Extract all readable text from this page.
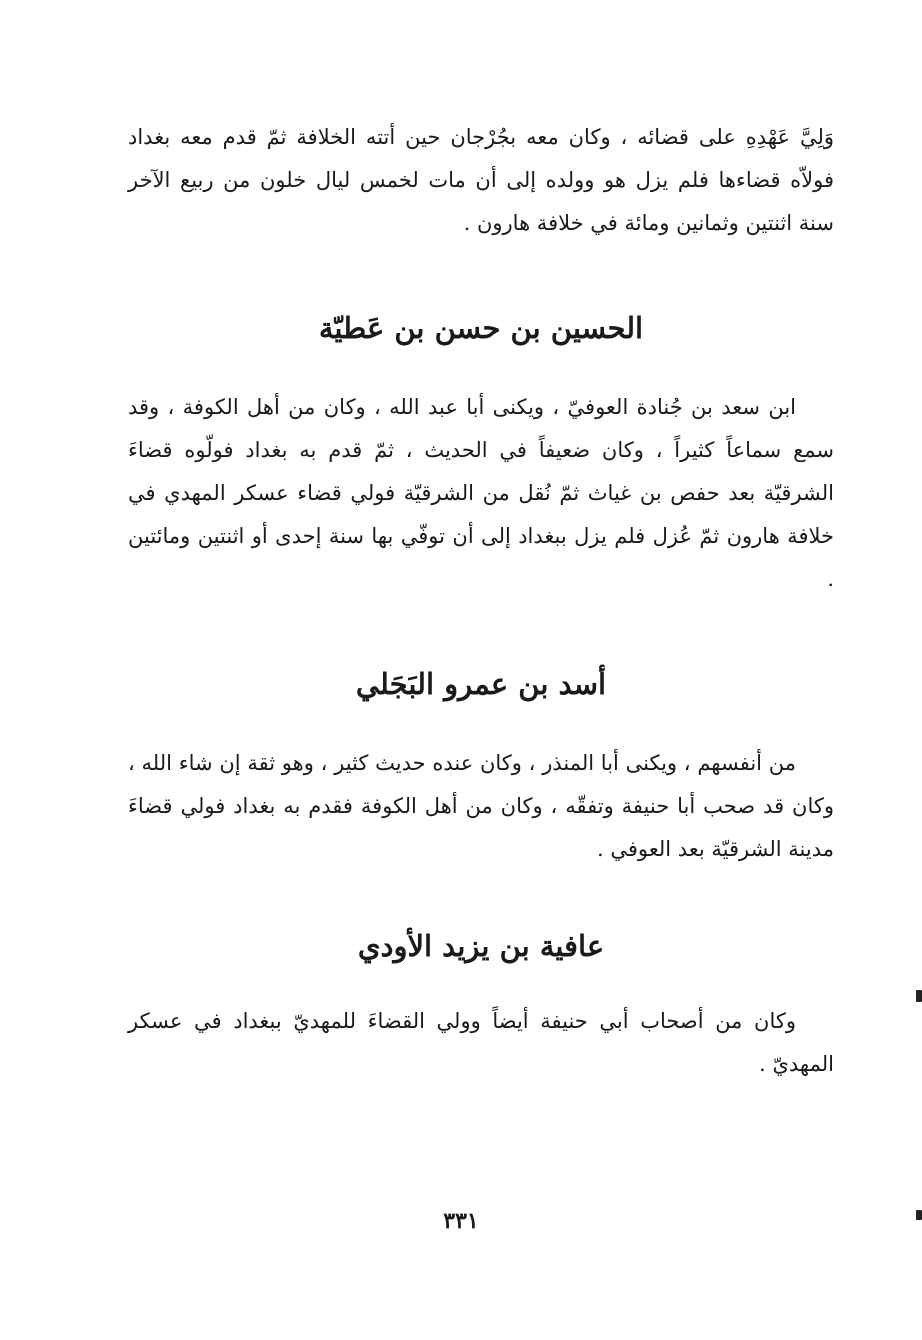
وَلِيَّ عَهْدِهِ على قضائه ، وكان معه بجُرْجان حين أتته الخلافة ثمّ قدم معه بغداد فولاّه قضاءها فلم يزل هو وولده إلى أن مات لخمس ليال خلون من ربيع الآخر سنة اثنتين وثمانين ومائة في خلافة هارون .

الحسين بن حسن بن عَطيّة

ابن سعد بن جُنادة العوفيّ ، ويكنى أبا عبد الله ، وكان من أهل الكوفة ، وقد سمع سماعاً كثيراً ، وكان ضعيفاً في الحديث ، ثمّ قدم به بغداد فولّوه قضاءَ الشرقيّة بعد حفص بن غياث ثمّ نُقل من الشرقيّة فولي قضاء عسكر المهدي في خلافة هارون ثمّ عُزل فلم يزل ببغداد إلى أن توفّي بها سنة إحدى أو اثنتين ومائتين .

أسد بن عمرو البَجَلي

من أنفسهم ، ويكنى أبا المنذر ، وكان عنده حديث كثير ، وهو ثقة إن شاء الله ، وكان قد صحب أبا حنيفة وتفقّه ، وكان من أهل الكوفة فقدم به بغداد فولي قضاءَ مدينة الشرقيّة بعد العوفي .

عافية بن يزيد الأودي

وكان من أصحاب أبي حنيفة أيضاً وولي القضاءَ للمهديّ ببغداد في عسكر المهديّ .

٣٣١
